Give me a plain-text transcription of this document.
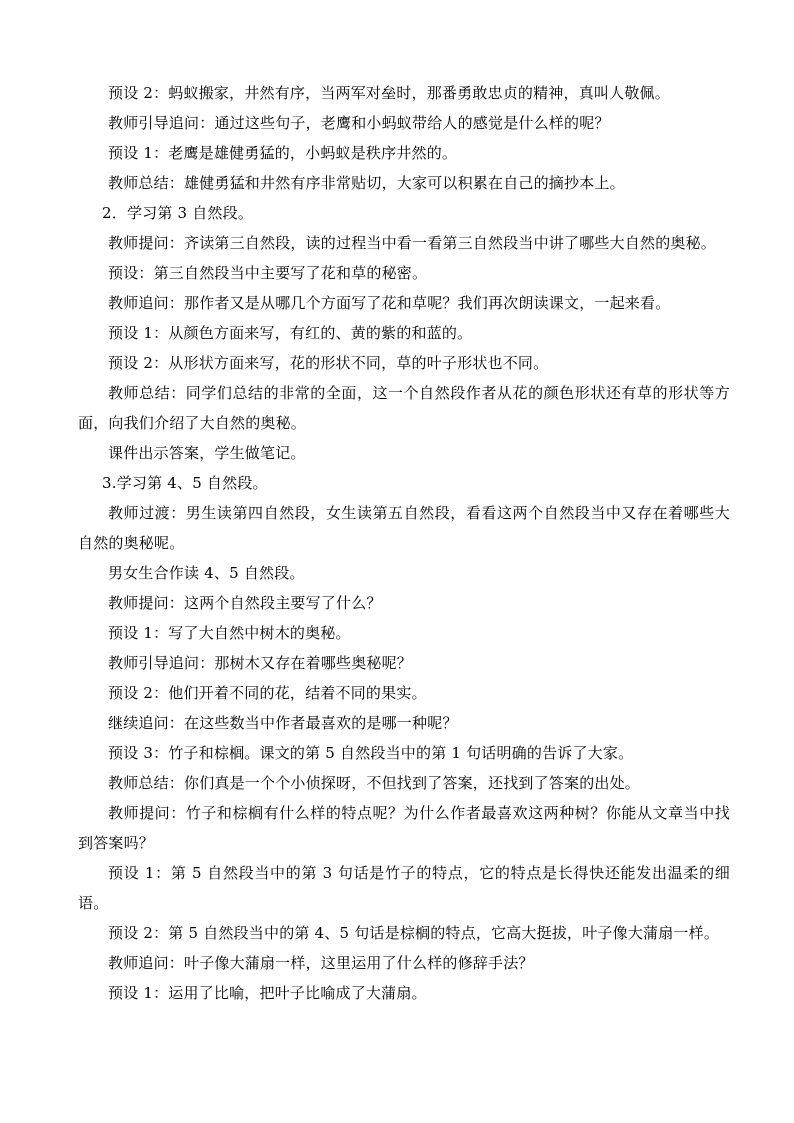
预设 2：蚂蚁搬家，井然有序，当两军对垒时，那番勇敢忠贞的精神，真叫人敬佩。

教师引导追问：通过这些句子，老鹰和小蚂蚁带给人的感觉是什么样的呢？

预设 1：老鹰是雄健勇猛的，小蚂蚁是秩序井然的。

教师总结：雄健勇猛和井然有序非常贴切，大家可以积累在自己的摘抄本上。

2．学习第 3 自然段。

教师提问：齐读第三自然段，读的过程当中看一看第三自然段当中讲了哪些大自然的奥秘。

预设：第三自然段当中主要写了花和草的秘密。

教师追问：那作者又是从哪几个方面写了花和草呢？我们再次朗读课文，一起来看。

预设 1：从颜色方面来写，有红的、黄的紫的和蓝的。

预设 2：从形状方面来写，花的形状不同，草的叶子形状也不同。

教师总结：同学们总结的非常的全面，这一个自然段作者从花的颜色形状还有草的形状等方面，向我们介绍了大自然的奥秘。

课件出示答案，学生做笔记。

3.学习第 4、5 自然段。

教师过渡：男生读第四自然段，女生读第五自然段，看看这两个自然段当中又存在着哪些大自然的奥秘呢。

男女生合作读 4、5 自然段。

教师提问：这两个自然段主要写了什么？

预设 1：写了大自然中树木的奥秘。

教师引导追问：那树木又存在着哪些奥秘呢？

预设 2：他们开着不同的花，结着不同的果实。

继续追问：在这些数当中作者最喜欢的是哪一种呢？

预设 3：竹子和棕榈。课文的第 5 自然段当中的第 1 句话明确的告诉了大家。

教师总结：你们真是一个个小侦探呀，不但找到了答案，还找到了答案的出处。

教师提问：竹子和棕榈有什么样的特点呢？为什么作者最喜欢这两种树？你能从文章当中找到答案吗？

预设 1：第 5 自然段当中的第 3 句话是竹子的特点，它的特点是长得快还能发出温柔的细语。

预设 2：第 5 自然段当中的第 4、5 句话是棕榈的特点，它高大挺拔，叶子像大蒲扇一样。

教师追问：叶子像大蒲扇一样，这里运用了什么样的修辞手法？

预设 1：运用了比喻，把叶子比喻成了大蒲扇。
